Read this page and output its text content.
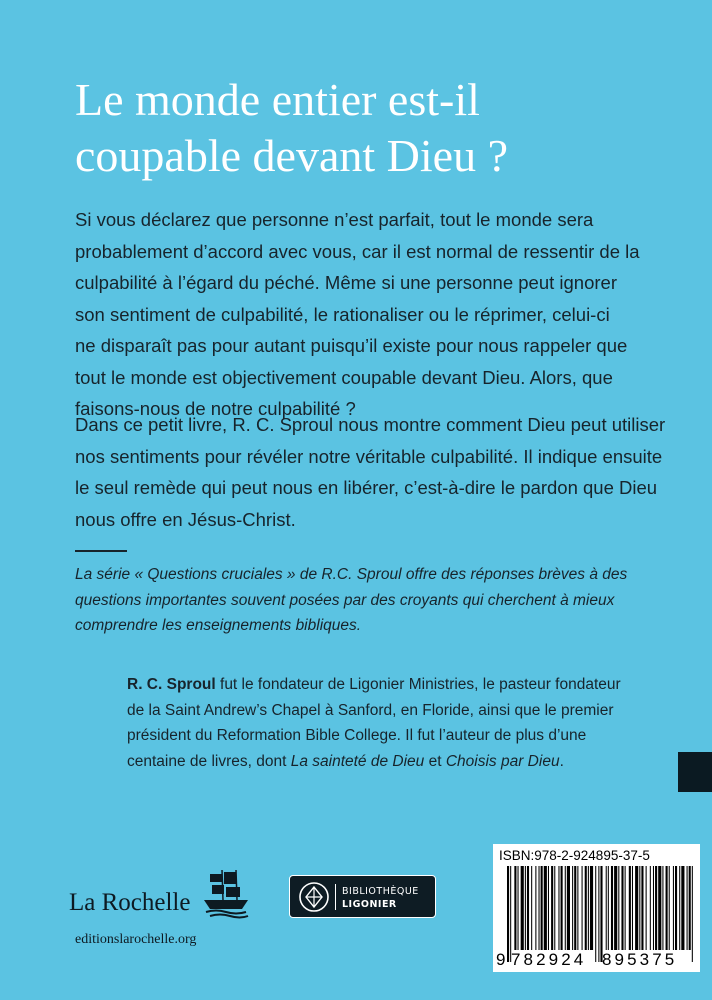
Le monde entier est-il
coupable devant Dieu ?

Si vous déclarez que personne n’est parfait, tout le monde sera
probablement d’accord avec vous, car il est normal de ressentir de la
culpabilité à l’égard du péché. Même si une personne peut ignorer
son sentiment de culpabilité, le rationaliser ou le réprimer, celui-ci
ne disparaît pas pour autant puisqu’il existe pour nous rappeler que
tout le monde est objectivement coupable devant Dieu. Alors, que
faisons-nous de notre culpabilité ?

Dans ce petit livre, R. C. Sproul nous montre comment Dieu peut utiliser
nos sentiments pour révéler notre véritable culpabilité. Il indique ensuite
le seul remède qui peut nous en libérer, c’est-à-dire le pardon que Dieu
nous offre en Jésus-Christ.

La série « Questions cruciales » de R.C. Sproul offre des réponses brèves à des
questions importantes souvent posées par des croyants qui cherchent à mieux
comprendre les enseignements bibliques.

R. C. Sproul fut le fondateur de Ligonier Ministries, le pasteur fondateur
de la Saint Andrew’s Chapel à Sanford, en Floride, ainsi que le premier
président du Reformation Bible College. Il fut l’auteur de plus d’une
centaine de livres, dont La sainteté de Dieu et Choisis par Dieu.

La Rochelle
editionslarochelle.org
BIBLIOTHÈQUE
LIGONIER
ISBN:978-2-924895-37-5
9 782924 895375
